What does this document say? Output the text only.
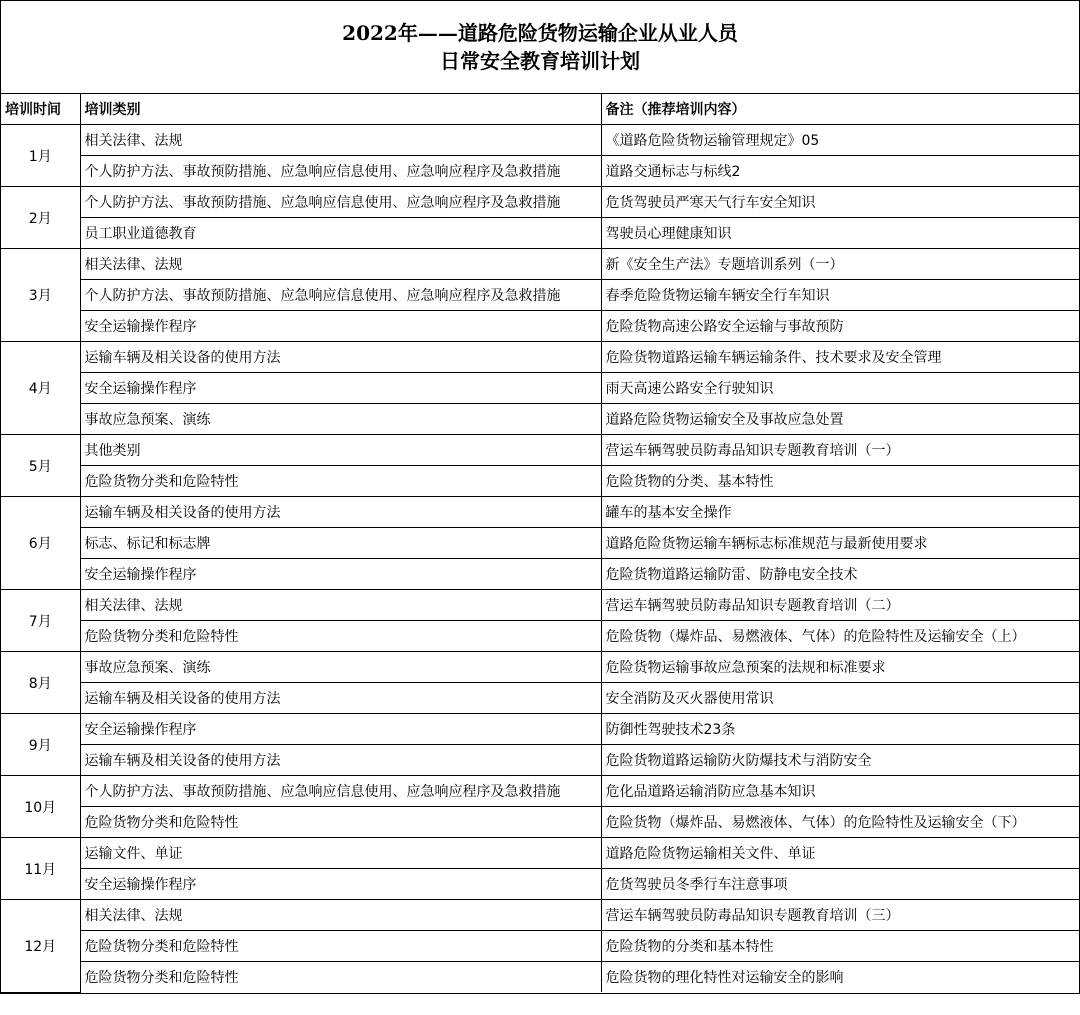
2022年——道路危险货物运输企业从业人员
日常安全教育培训计划
培训时间	培训类别	备注（推荐培训内容）
1月	相关法律、法规	《道路危险货物运输管理规定》05
	个人防护方法、事故预防措施、应急响应信息使用、应急响应程序及急救措施	道路交通标志与标线2
2月	个人防护方法、事故预防措施、应急响应信息使用、应急响应程序及急救措施	危货驾驶员严寒天气行车安全知识
	员工职业道德教育	驾驶员心理健康知识
3月	相关法律、法规	新《安全生产法》专题培训系列（一）
	个人防护方法、事故预防措施、应急响应信息使用、应急响应程序及急救措施	春季危险货物运输车辆安全行车知识
	安全运输操作程序	危险货物高速公路安全运输与事故预防
4月	运输车辆及相关设备的使用方法	危险货物道路运输车辆运输条件、技术要求及安全管理
	安全运输操作程序	雨天高速公路安全行驶知识
	事故应急预案、演练	道路危险货物运输安全及事故应急处置
5月	其他类别	营运车辆驾驶员防毒品知识专题教育培训（一）
	危险货物分类和危险特性	危险货物的分类、基本特性
6月	运输车辆及相关设备的使用方法	罐车的基本安全操作
	标志、标记和标志牌	道路危险货物运输车辆标志标准规范与最新使用要求
	安全运输操作程序	危险货物道路运输防雷、防静电安全技术
7月	相关法律、法规	营运车辆驾驶员防毒品知识专题教育培训（二）
	危险货物分类和危险特性	危险货物（爆炸品、易燃液体、气体）的危险特性及运输安全（上）
8月	事故应急预案、演练	危险货物运输事故应急预案的法规和标准要求
	运输车辆及相关设备的使用方法	安全消防及灭火器使用常识
9月	安全运输操作程序	防御性驾驶技术23条
	运输车辆及相关设备的使用方法	危险货物道路运输防火防爆技术与消防安全
10月	个人防护方法、事故预防措施、应急响应信息使用、应急响应程序及急救措施	危化品道路运输消防应急基本知识
	危险货物分类和危险特性	危险货物（爆炸品、易燃液体、气体）的危险特性及运输安全（下）
11月	运输文件、单证	道路危险货物运输相关文件、单证
	安全运输操作程序	危货驾驶员冬季行车注意事项
12月	相关法律、法规	营运车辆驾驶员防毒品知识专题教育培训（三）
	危险货物分类和危险特性	危险货物的分类和基本特性
	危险货物分类和危险特性	危险货物的理化特性对运输安全的影响
